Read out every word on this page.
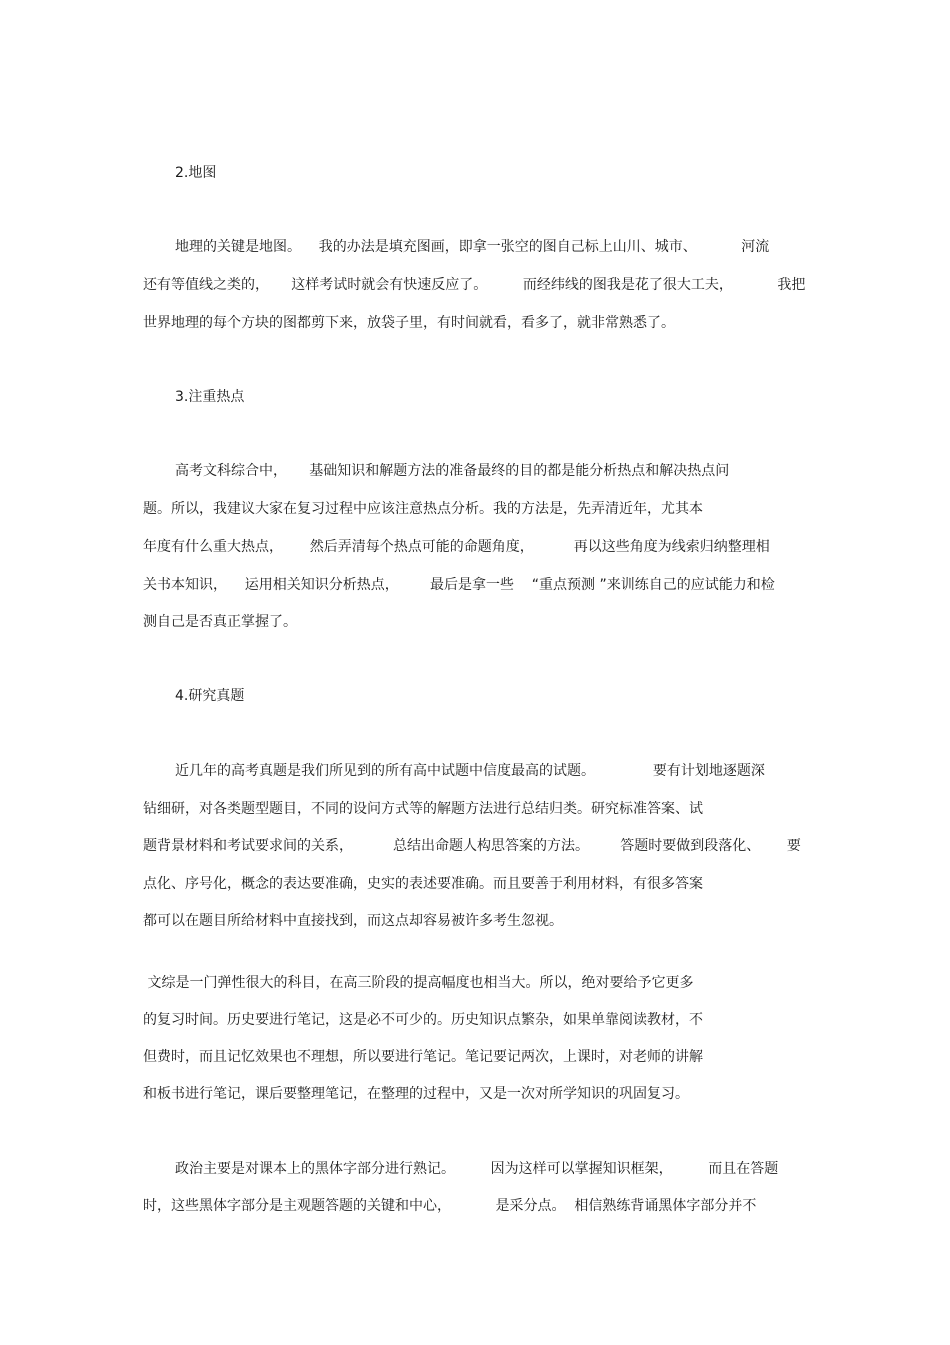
2.地图
地理的关键是地图。    我的办法是填充图画，即拿一张空的图自己标上山川、城市、          河流
还有等值线之类的，     这样考试时就会有快速反应了。        而经纬线的图我是花了很大工夫，          我把
世界地理的每个方块的图都剪下来，放袋子里，有时间就看，看多了，就非常熟悉了。
3.注重热点
高考文科综合中，     基础知识和解题方法的准备最终的目的都是能分析热点和解决热点问
题。所以，我建议大家在复习过程中应该注意热点分析。我的方法是，先弄清近年，尤其本
年度有什么重大热点，      然后弄清每个热点可能的命题角度，         再以这些角度为线索归纳整理相
关书本知识，    运用相关知识分析热点，       最后是拿一些    “重点预测 ”来训练自己的应试能力和检
测自己是否真正掌握了。
4.研究真题
近几年的高考真题是我们所见到的所有高中试题中信度最高的试题。             要有计划地逐题深
钻细研，对各类题型题目，不同的设问方式等的解题方法进行总结归类。研究标准答案、试
题背景材料和考试要求间的关系，         总结出命题人构思答案的方法。       答题时要做到段落化、      要
点化、序号化，概念的表达要准确，史实的表述要准确。而且要善于利用材料，有很多答案
都可以在题目所给材料中直接找到，而这点却容易被许多考生忽视。
文综是一门弹性很大的科目，在高三阶段的提高幅度也相当大。所以，绝对要给予它更多
的复习时间。历史要进行笔记，这是必不可少的。历史知识点繁杂，如果单靠阅读教材，不
但费时，而且记忆效果也不理想，所以要进行笔记。笔记要记两次，上课时，对老师的讲解
和板书进行笔记，课后要整理笔记，在整理的过程中，又是一次对所学知识的巩固复习。
政治主要是对课本上的黑体字部分进行熟记。        因为这样可以掌握知识框架，        而且在答题
时，这些黑体字部分是主观题答题的关键和中心，          是采分点。  相信熟练背诵黑体字部分并不
